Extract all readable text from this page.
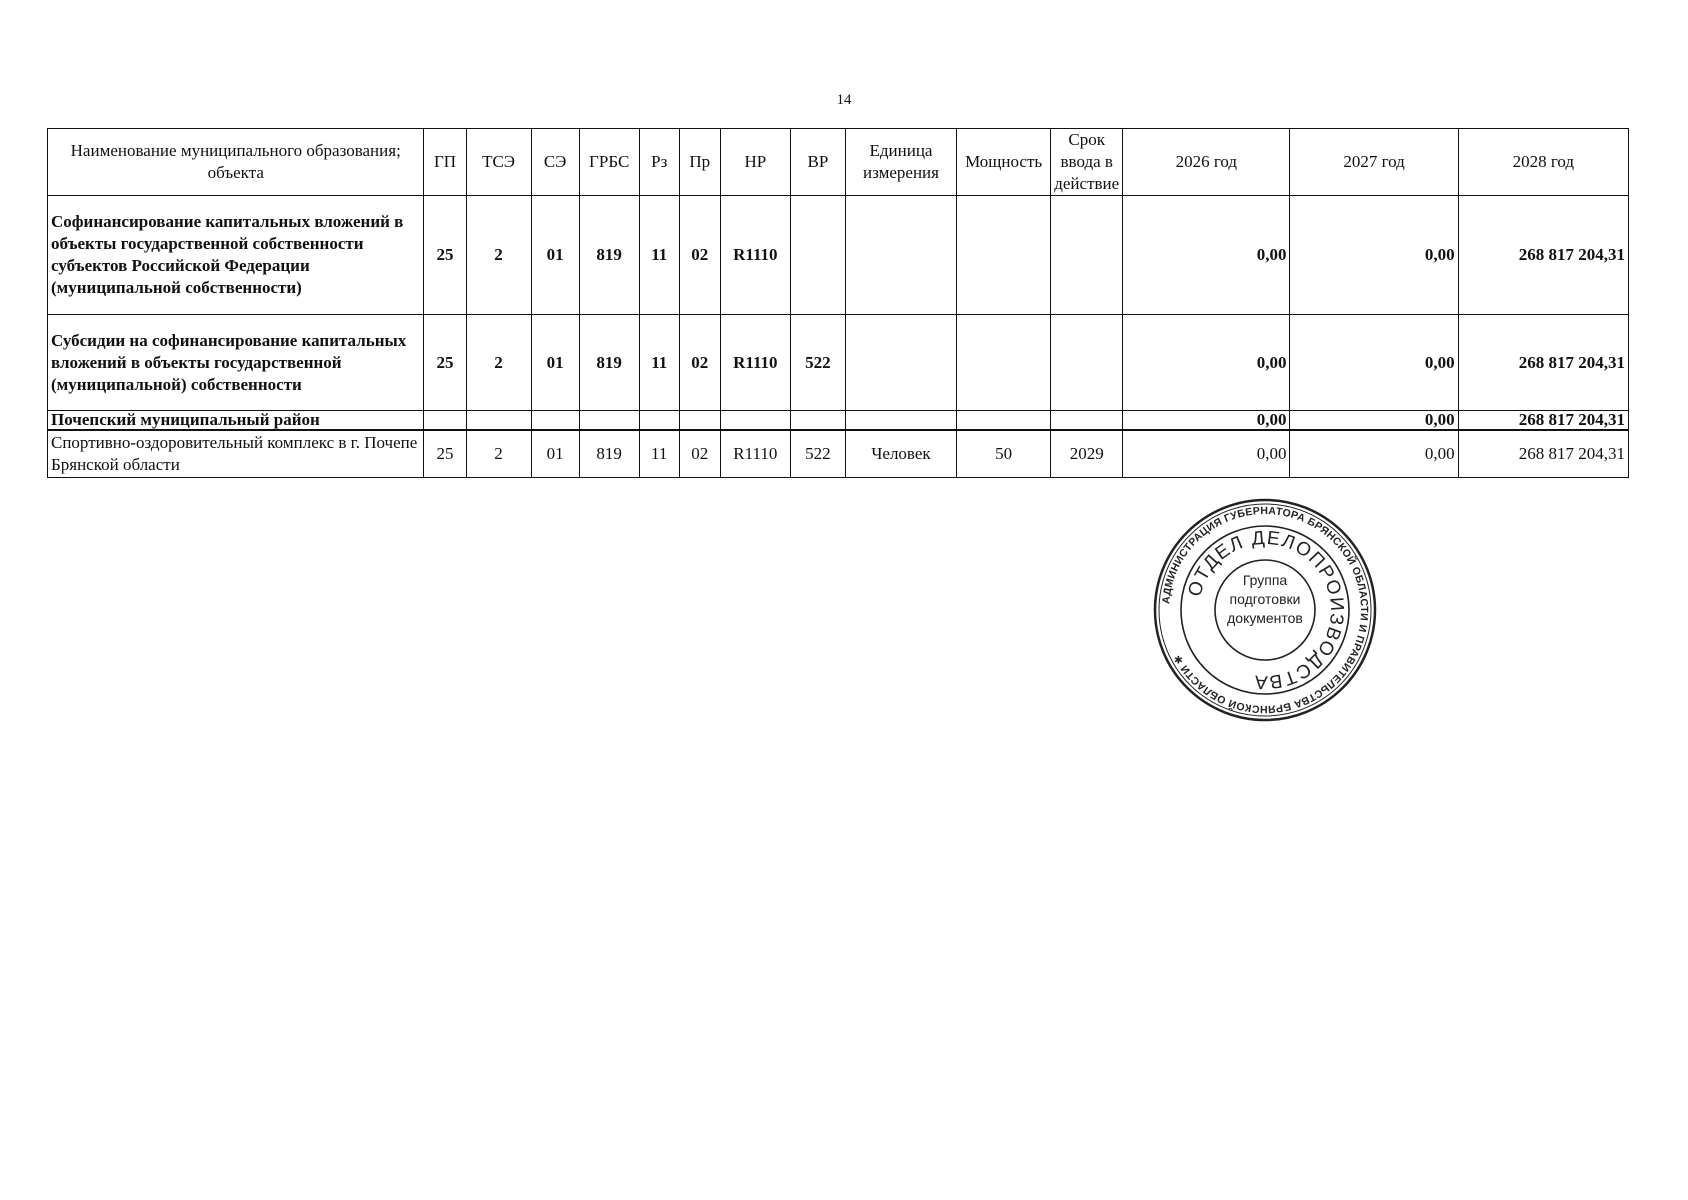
14
Наименование муниципального образования; объекта	ГП	ТСЭ	СЭ	ГРБС	Рз	Пр	НР	ВР	Единица измерения	Мощность	Срок ввода в действие	2026 год	2027 год	2028 год
Софинансирование капитальных вложений в объекты государственной собственности субъектов Российской Федерации (муниципальной собственности)	25	2	01	819	11	02	R1110					0,00	0,00	268 817 204,31
Субсидии на софинансирование капитальных вложений в объекты государственной (муниципальной) собственности	25	2	01	819	11	02	R1110	522				0,00	0,00	268 817 204,31
Почепский муниципальный район												0,00	0,00	268 817 204,31
Спортивно-оздоровительный комплекс в г. Почепе Брянской области	25	2	01	819	11	02	R1110	522	Человек	50	2029	0,00	0,00	268 817 204,31
АДМИНИСТРАЦИЯ ГУБЕРНАТОРА БРЯНСКОЙ ОБЛАСТИ И ПРАВИТЕЛЬСТВА БРЯНСКОЙ ОБЛАСТИ ✱
ОТДЕЛ ДЕЛОПРОИЗВОДСТВА
Группа
подготовки
документов
